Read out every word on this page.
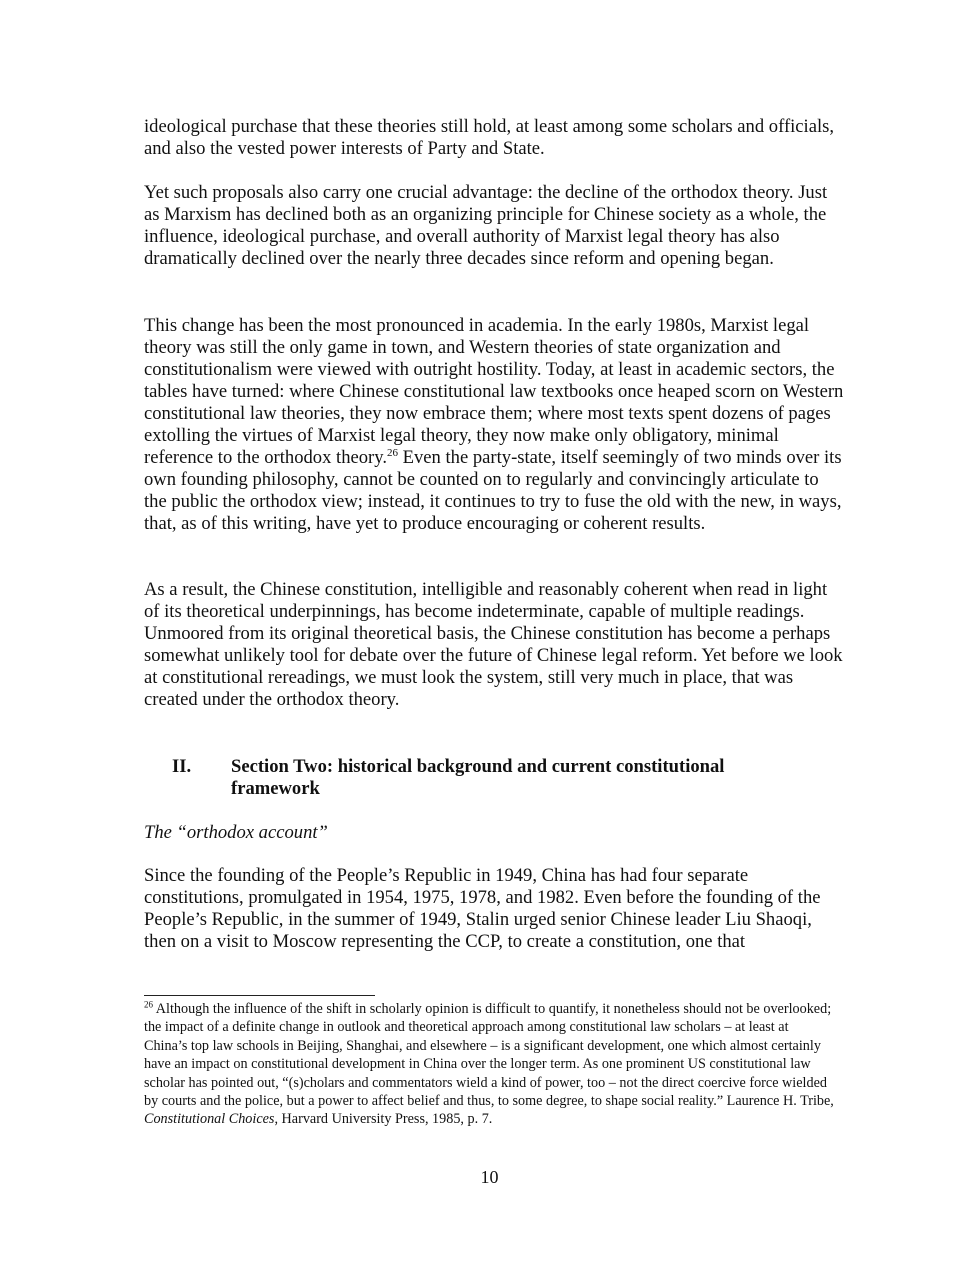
ideological purchase that these theories still hold, at least among some scholars and officials, and also the vested power interests of Party and State.

Yet such proposals also carry one crucial advantage: the decline of the orthodox theory. Just as Marxism has declined both as an organizing principle for Chinese society as a whole, the influence, ideological purchase, and overall authority of Marxist legal theory has also dramatically declined over the nearly three decades since reform and opening began.

This change has been the most pronounced in academia. In the early 1980s, Marxist legal theory was still the only game in town, and Western theories of state organization and constitutionalism were viewed with outright hostility. Today, at least in academic sectors, the tables have turned: where Chinese constitutional law textbooks once heaped scorn on Western constitutional law theories, they now embrace them; where most texts spent dozens of pages extolling the virtues of Marxist legal theory, they now make only obligatory, minimal reference to the orthodox theory.$^{26}$ Even the party-state, itself seemingly of two minds over its own founding philosophy, cannot be counted on to regularly and convincingly articulate to the public the orthodox view; instead, it continues to try to fuse the old with the new, in ways, that, as of this writing, have yet to produce encouraging or coherent results.

As a result, the Chinese constitution, intelligible and reasonably coherent when read in light of its theoretical underpinnings, has become indeterminate, capable of multiple readings. Unmoored from its original theoretical basis, the Chinese constitution has become a perhaps somewhat unlikely tool for debate over the future of Chinese legal reform. Yet before we look at constitutional rereadings, we must look the system, still very much in place, that was created under the orthodox theory.

II. Section Two: historical background and current constitutional framework

The “orthodox account”

Since the founding of the People’s Republic in 1949, China has had four separate constitutions, promulgated in 1954, 1975, 1978, and 1982. Even before the founding of the People’s Republic, in the summer of 1949, Stalin urged senior Chinese leader Liu Shaoqi, then on a visit to Moscow representing the CCP, to create a constitution, one that

$^{26}$ Although the influence of the shift in scholarly opinion is difficult to quantify, it nonetheless should not be overlooked; the impact of a definite change in outlook and theoretical approach among constitutional law scholars – at least at China’s top law schools in Beijing, Shanghai, and elsewhere – is a significant development, one which almost certainly have an impact on constitutional development in China over the longer term. As one prominent US constitutional law scholar has pointed out, “(s)cholars and commentators wield a kind of power, too – not the direct coercive force wielded by courts and the police, but a power to affect belief and thus, to some degree, to shape social reality.” Laurence H. Tribe, Constitutional Choices, Harvard University Press, 1985, p. 7.

10
